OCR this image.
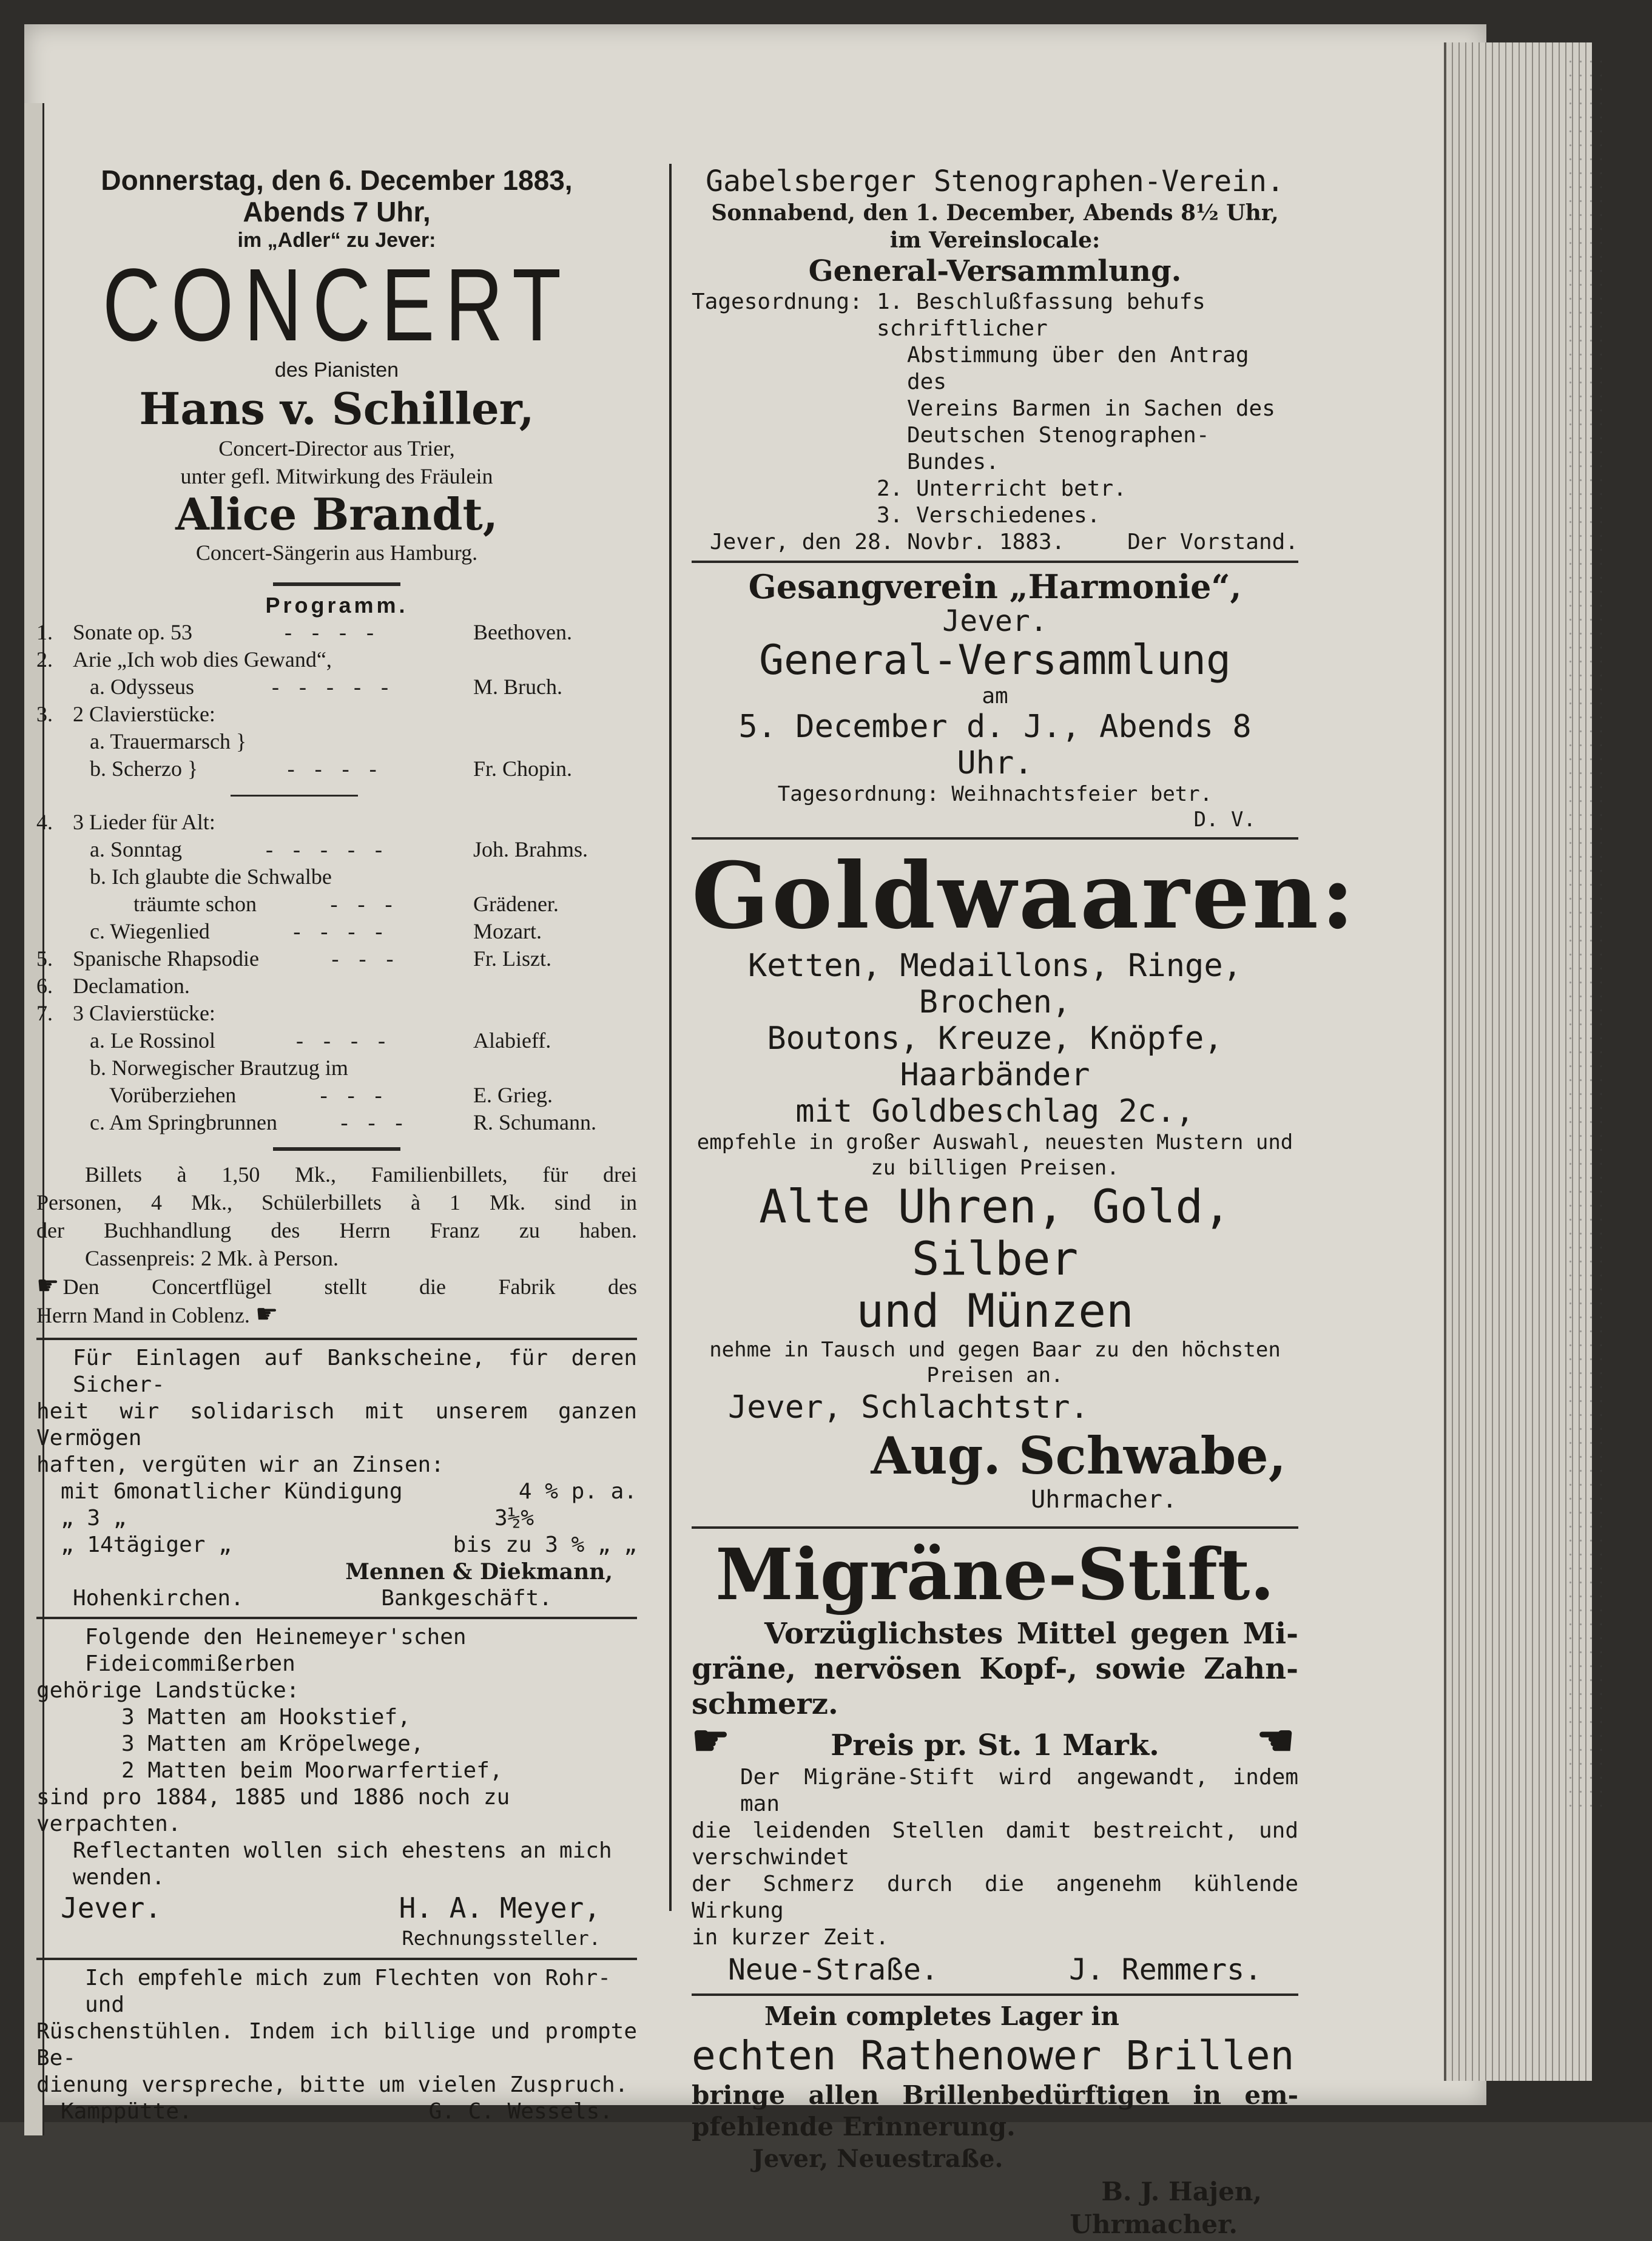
Donnerstag, den 6. December 1883,
Abends 7 Uhr,
im „Adler“ zu Jever:
CONCERT
des Pianisten
Hans v. Schiller,
Concert-Director aus Trier,
unter gefl. Mitwirkung des Fräulein
Alice Brandt,
Concert-Sängerin aus Hamburg.
Programm.
1. Sonate op. 53	- - - -	Beethoven.
2. Arie „Ich wob dies Gewand“,
a. Odysseus	- - - - -	M. Bruch.
3. 2 Clavierstücke:
a. Trauermarsch }
b. Scherzo }	- - - -	Fr. Chopin.
4. 3 Lieder für Alt:
a. Sonntag	- - - - -	Joh. Brahms.
b. Ich glaubte die Schwalbe
träumte schon	- - -	Grädener.
c. Wiegenlied	- - - -	Mozart.
5. Spanische Rhapsodie	- - -	Fr. Liszt.
6. Declamation.
7. 3 Clavierstücke:
a. Le Rossinol	- - - -	Alabieff.
b. Norwegischer Brautzug im
Vorüberziehen	- - -	E. Grieg.
c. Am Springbrunnen	- - -	R. Schumann.
Billets à 1,50 Mk., Familienbillets, für drei
Personen, 4 Mk., Schülerbillets à 1 Mk. sind in
der Buchhandlung des Herrn Franz zu haben.
Cassenpreis: 2 Mk. à Person.
☛ Den Concertflügel stellt die Fabrik des
Herrn Mand in Coblenz. ☛
Für Einlagen auf Bankscheine, für deren Sicher-
heit wir solidarisch mit unserem ganzen Vermögen
haften, vergüten wir an Zinsen:
mit 6monatlicher Kündigung	4 % p. a.
„ 3 „	3½%
„ 14tägiger „	bis zu 3 % „ „
Mennen & Diekmann,
Hohenkirchen.	Bankgeschäft.
Folgende den Heinemeyer'schen Fideicommißerben
gehörige Landstücke:
3 Matten am Hookstief,
3 Matten am Kröpelwege,
2 Matten beim Moorwarfertief,
sind pro 1884, 1885 und 1886 noch zu verpachten.
Reflectanten wollen sich ehestens an mich wenden.
Jever.	H. A. Meyer,
Rechnungssteller.
Ich empfehle mich zum Flechten von Rohr- und
Rüschenstühlen. Indem ich billige und prompte Be-
dienung verspreche, bitte um vielen Zuspruch.
Kamppütte.	G. C. Wessels.
Gabelsberger Stenographen-Verein.
Sonnabend, den 1. December, Abends 8½ Uhr,
im Vereinslocale:
General-Versammlung.
Tagesordnung: 1. Beschlußfassung behufs schriftlicher
Abstimmung über den Antrag des
Vereins Barmen in Sachen des
Deutschen Stenographen-Bundes.
2. Unterricht betr.
3. Verschiedenes.
Jever, den 28. Novbr. 1883.	Der Vorstand.
Gesangverein „Harmonie“,
Jever.
General-Versammlung
am
5. December d. J., Abends 8 Uhr.
Tagesordnung: Weihnachtsfeier betr.
D. V.
Goldwaaren:
Ketten, Medaillons, Ringe, Brochen,
Boutons, Kreuze, Knöpfe, Haarbänder
mit Goldbeschlag 2c.,
empfehle in großer Auswahl, neuesten Mustern und
zu billigen Preisen.
Alte Uhren, Gold, Silber
und Münzen
nehme in Tausch und gegen Baar zu den höchsten
Preisen an.
Jever, Schlachtstr.
Aug. Schwabe,
Uhrmacher.
Migräne-Stift.
Vorzüglichstes Mittel gegen Mi-
gräne, nervösen Kopf-, sowie Zahn-
schmerz.
☛	Preis pr. St. 1 Mark. ☚
Der Migräne-Stift wird angewandt, indem man
die leidenden Stellen damit bestreicht, und verschwindet
der Schmerz durch die angenehm kühlende Wirkung
in kurzer Zeit.
Neue-Straße.	J. Remmers.
Mein completes Lager in
echten Rathenower Brillen
bringe allen Brillenbedürftigen in em-
pfehlende Erinnerung.
Jever, Neuestraße.
B. J. Hajen,
Uhrmacher.
